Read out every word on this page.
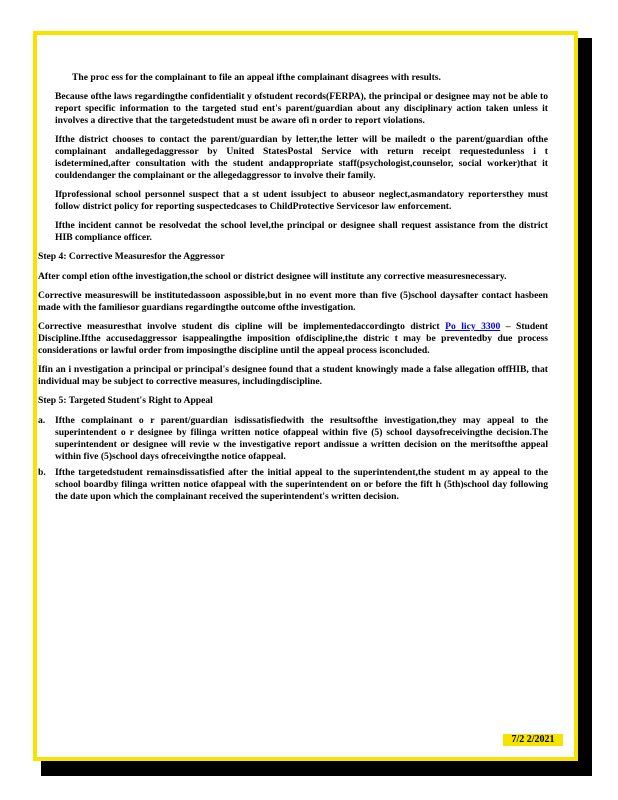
The proc ess for the complainant to file an appeal ifthe complainant disagrees with results.

Because ofthe laws regardingthe confidentialit y ofstudent records(FERPA), the principal or designee may not be able to report specific information to the targeted stud ent's parent/guardian about any disciplinary action taken unless it involves a directive that the targetedstudent must be aware ofi n order to report violations.

Ifthe district chooses to contact the parent/guardian by letter,the letter will be mailedt o the parent/guardian ofthe complainant andallegedaggressor by United StatesPostal Service with return receipt requestedunless i t isdetermined,after consultation with the student andappropriate staff(psychologist,counselor, social worker)that it couldendanger the complainant or the allegedaggressor to involve their family.

Ifprofessional school personnel suspect that a st udent issubject to abuseor neglect,asmandatory reportersthey must follow district policy for reporting suspectedcases to ChildProtective Servicesor law enforcement.

Ifthe incident cannot be resolvedat the school level,the principal or designee shall request assistance from the district HIB compliance officer.

Step 4: Corrective Measuresfor the Aggressor

After compl etion ofthe investigation,the school or district designee will institute any corrective measuresnecessary.

Corrective measureswill be institutedassoon aspossible,but in no event more than five (5)school daysafter contact hasbeen made with the familiesor guardians regardingthe outcome ofthe investigation.

Corrective measuresthat involve student dis cipline will be implementedaccordingto district Po licy 3300 – Student Discipline.Ifthe accusedaggressor isappealingthe imposition ofdiscipline,the distric t may be preventedby due process considerations or lawful order from imposingthe discipline until the appeal process isconcluded.

Ifin an i nvestigation a principal or principal's designee found that a student knowingly made a false allegation offHIB, that individual may be subject to corrective measures, includingdiscipline.

Step 5: Targeted Student's Right to Appeal

a.	Ifthe complainant o r parent/guardian isdissatisfiedwith the resultsofthe investigation,they may appeal to the superintendent o r designee by filinga written notice ofappeal within five (5) school daysofreceivingthe decision.The superintendent or designee will revie w the investigative report andissue a written decision on the meritsofthe appeal within five (5)school days ofreceivingthe notice ofappeal.
b. Ifthe targetedstudent remainsdissatisfied after the initial appeal to the superintendent,the student m ay appeal to the school boardby filinga written notice ofappeal with the superintendent on or before the fift h (5th)school day following the date upon which the complainant received the superintendent's written decision.
7/2 2/2021
